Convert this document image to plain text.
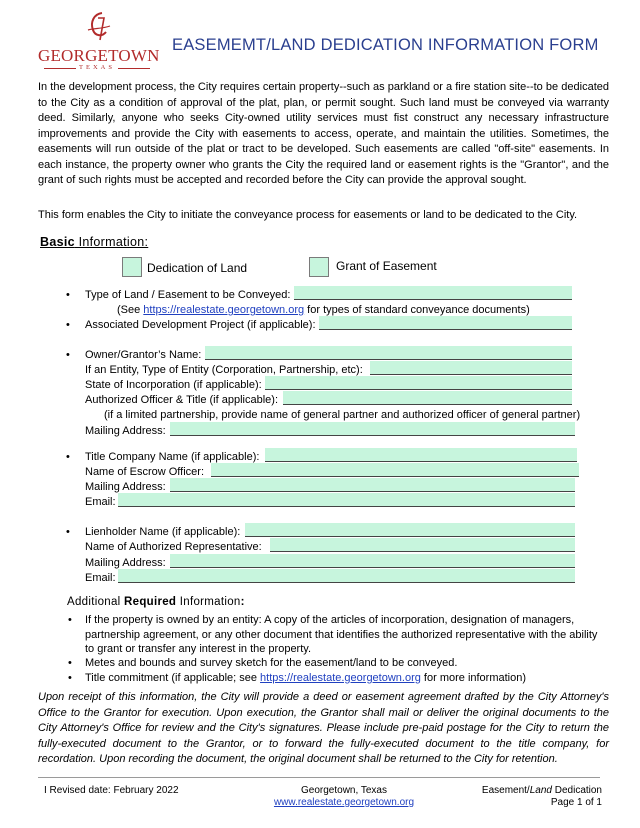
GEORGETOWN
TEXAS
EASEMEMT/LAND DEDICATION INFORMATION FORM

In the development process, the City requires certain property--such as parkland or a fire station site--to be dedicated to the City as a condition of approval of the plat, plan, or permit sought. Such land must be conveyed via warranty deed. Similarly, anyone who seeks City-owned utility services must fist construct any necessary infrastructure improvements and provide the City with easements to access, operate, and maintain the utilities. Sometimes, the easements will run outside of the plat or tract to be developed. Such easements are called "off-site" easements. In each instance, the property owner who grants the City the required land or easement rights is the "Grantor", and the grant of such rights must be accepted and recorded before the City can provide the approval sought.

This form enables the City to initiate the conveyance process for easements or land to be dedicated to the City.

Basic Information:
Dedication of Land	Grant of Easement
• Type of Land / Easement to be Conveyed:
(See https://realestate.georgetown.org for types of standard conveyance documents)
• Associated Development Project (if applicable):
• Owner/Grantor’s Name:
If an Entity, Type of Entity (Corporation, Partnership, etc):
State of Incorporation (if applicable):
Authorized Officer & Title (if applicable):
(if a limited partnership, provide name of general partner and authorized officer of general partner)
Mailing Address:
• Title Company Name (if applicable):
Name of Escrow Officer:
Mailing Address:
Email:
• Lienholder Name (if applicable):
Name of Authorized Representative:
Mailing Address:
Email:
Additional Required Information:
• If the property is owned by an entity: A copy of the articles of incorporation, designation of managers, partnership agreement, or any other document that identifies the authorized representative with the ability to grant or transfer any interest in the property.
• Metes and bounds and survey sketch for the easement/land to be conveyed.
• Title commitment (if applicable; see https://realestate.georgetown.org for more information)

Upon receipt of this information, the City will provide a deed or easement agreement drafted by the City Attorney's Office to the Grantor for execution. Upon execution, the Grantor shall mail or deliver the original documents to the City Attorney's Office for review and the City's signatures. Please include pre-paid postage for the City to return the fully-executed document to the Grantor, or to forward the fully-executed document to the title company, for recordation. Upon recording the document, the original document shall be returned to the City for retention.

I Revised date: February 2022	Georgetown, Texas
www.realestate.georgetown.org
Easement/Land Dedication
Page 1 of 1
